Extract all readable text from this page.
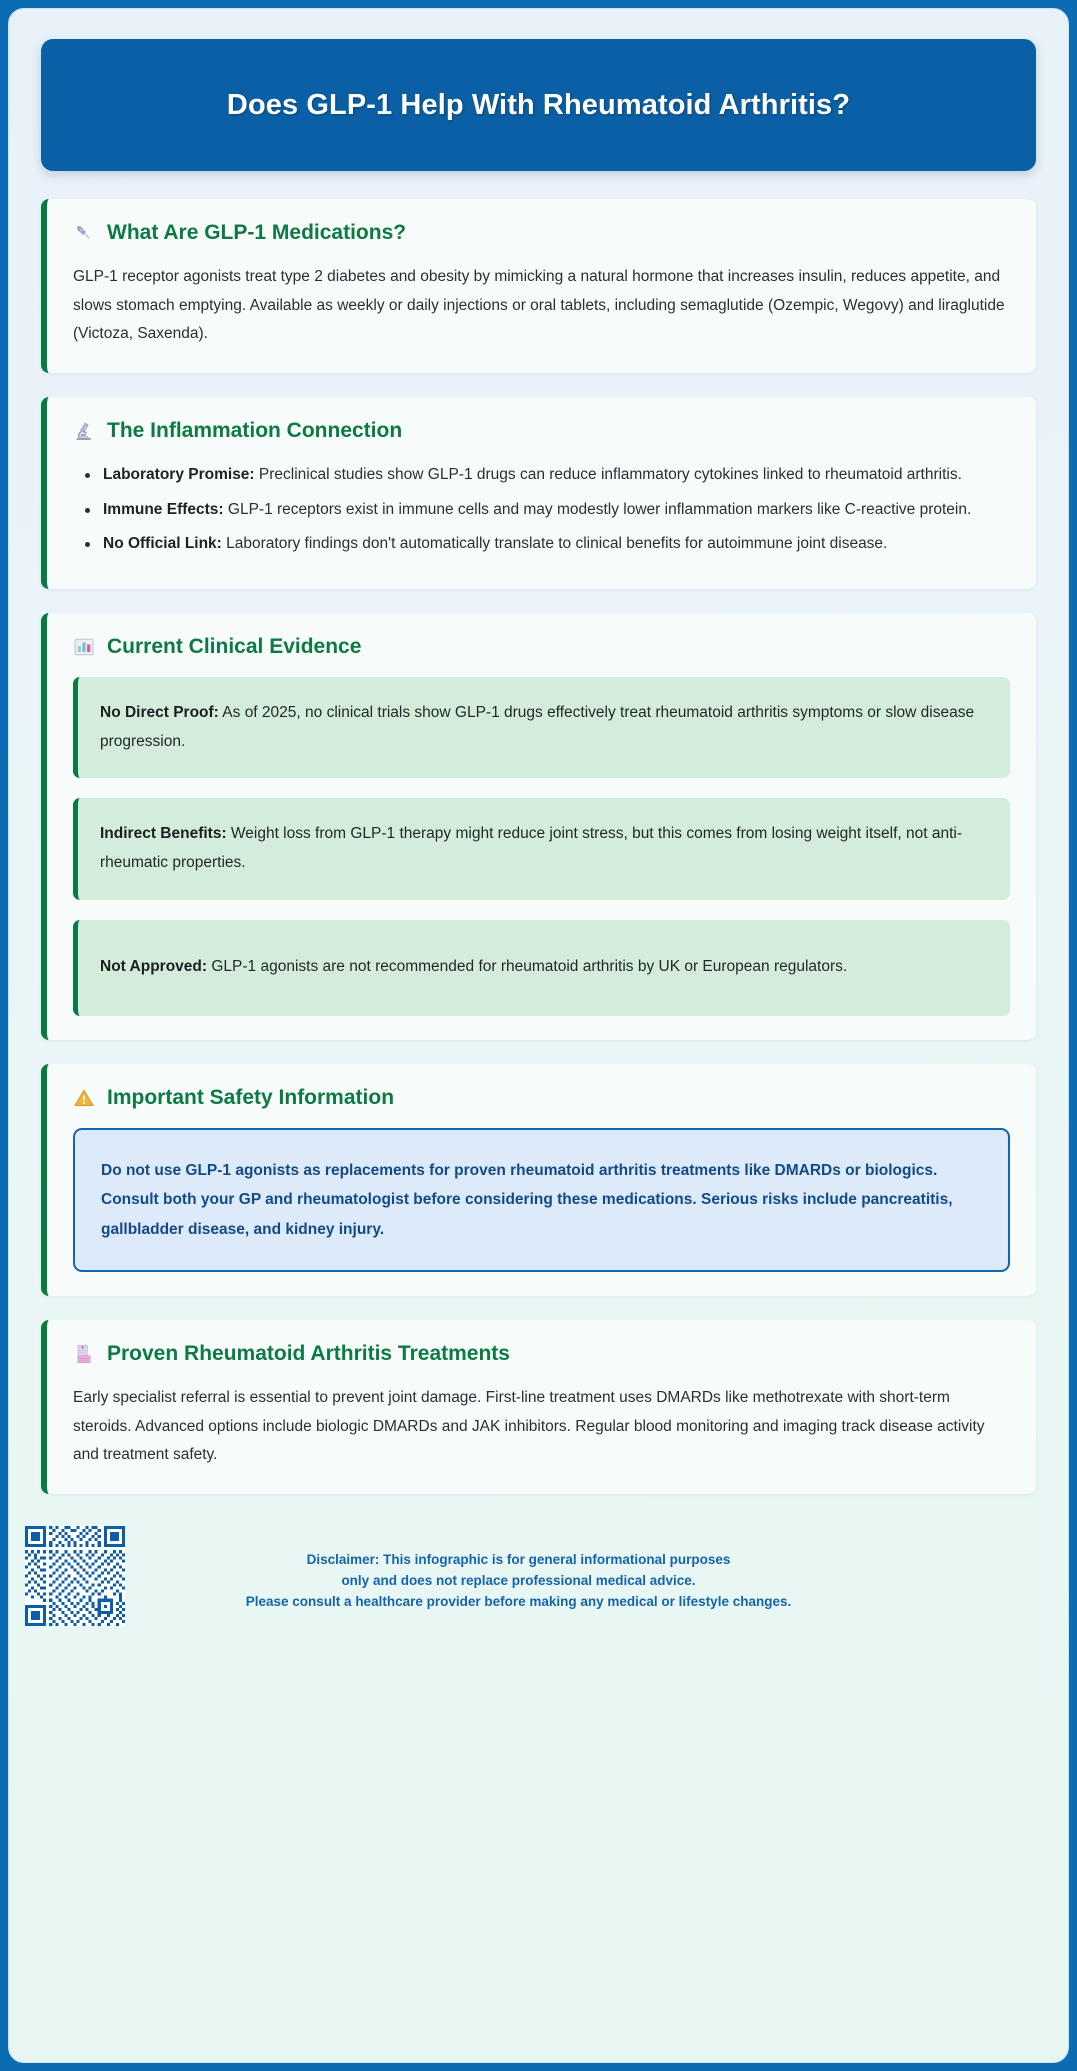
Does GLP-1 Help With Rheumatoid Arthritis?
What Are GLP-1 Medications?

GLP-1 receptor agonists treat type 2 diabetes and obesity by mimicking a natural hormone that increases insulin, reduces appetite, and slows stomach emptying. Available as weekly or daily injections or oral tablets, including semaglutide (Ozempic, Wegovy) and liraglutide (Victoza, Saxenda).

The Inflammation Connection
Laboratory Promise: Preclinical studies show GLP-1 drugs can reduce inflammatory cytokines linked to rheumatoid arthritis.
Immune Effects: GLP-1 receptors exist in immune cells and may modestly lower inflammation markers like C-reactive protein.
No Official Link: Laboratory findings don't automatically translate to clinical benefits for autoimmune joint disease.
Current Clinical Evidence
No Direct Proof: As of 2025, no clinical trials show GLP-1 drugs effectively treat rheumatoid arthritis symptoms or slow disease progression.
Indirect Benefits: Weight loss from GLP-1 therapy might reduce joint stress, but this comes from losing weight itself, not anti-rheumatic properties.
Not Approved: GLP-1 agonists are not recommended for rheumatoid arthritis by UK or European regulators.
Important Safety Information
Do not use GLP-1 agonists as replacements for proven rheumatoid arthritis treatments like DMARDs or biologics. Consult both your GP and rheumatologist before considering these medications. Serious risks include pancreatitis, gallbladder disease, and kidney injury.
Proven Rheumatoid Arthritis Treatments

Early specialist referral is essential to prevent joint damage. First-line treatment uses DMARDs like methotrexate with short-term steroids. Advanced options include biologic DMARDs and JAK inhibitors. Regular blood monitoring and imaging track disease activity and treatment safety.

Disclaimer: This infographic is for general informational purposes
only and does not replace professional medical advice.
Please consult a healthcare provider before making any medical or lifestyle changes.
